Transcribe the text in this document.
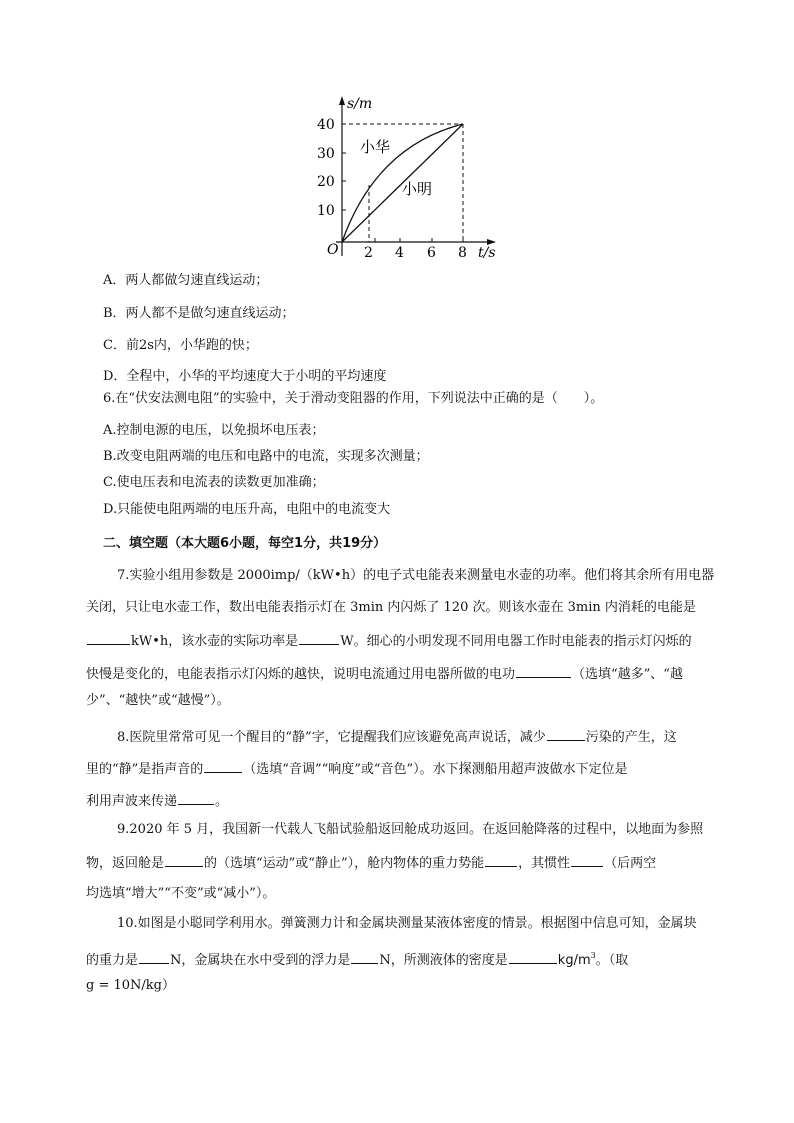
s/m
t/s
O
40
30
20
10
2 4 6 8
小华
小明
A．两人都做匀速直线运动；
B．两人都不是做匀速直线运动；
C．前2s内，小华跑的快；
D．全程中，小华的平均速度大于小明的平均速度
6.在“伏安法测电阻”的实验中，关于滑动变阻器的作用，下列说法中正确的是（　　）。
A.控制电源的电压，以免损坏电压表；
B.改变电阻两端的电压和电路中的电流，实现多次测量；
C.使电压表和电流表的读数更加准确；
D.只能使电阻两端的电压升高，电阻中的电流变大
二、填空题（本大题6小题，每空1分，共19分）
7.实验小组用参数是 2000imp/（kW•h）的电子式电能表来测量电水壶的功率。他们将其余所有用电器
关闭，只让电水壶工作，数出电能表指示灯在 3min 内闪烁了 120 次。则该水壶在 3min 内消耗的电能是
kW•h，该水壶的实际功率是	W。细心的小明发现不同用电器工作时电能表的指示灯闪烁的
快慢是变化的，电能表指示灯闪烁的越快，说明电流通过用电器所做的电功	（选填“越多”、“越
少”、“越快”或“越慢”）。
8.医院里常常可见一个醒目的“静”字，它提醒我们应该避免高声说话，减少	污染的产生，这
里的“静”是指声音的	（选填“音调”“响度”或“音色”）。水下探测船用超声波做水下定位是
利用声波来传递	。
9.2020 年 5 月，我国新一代载人飞船试验船返回舱成功返回。在返回舱降落的过程中，以地面为参照
物，返回舱是	的（选填“运动”或“静止”），舱内物体的重力势能	，其惯性	（后两空
均选填“增大”“不变”或“减小”）。
10.如图是小聪同学利用水。弹簧测力计和金属块测量某液体密度的情景。根据图中信息可知，金属块
的重力是 N，金属块在水中受到的浮力是 N，所测液体的密度是	$kg/m^3$。（取
g = 10N/kg）
